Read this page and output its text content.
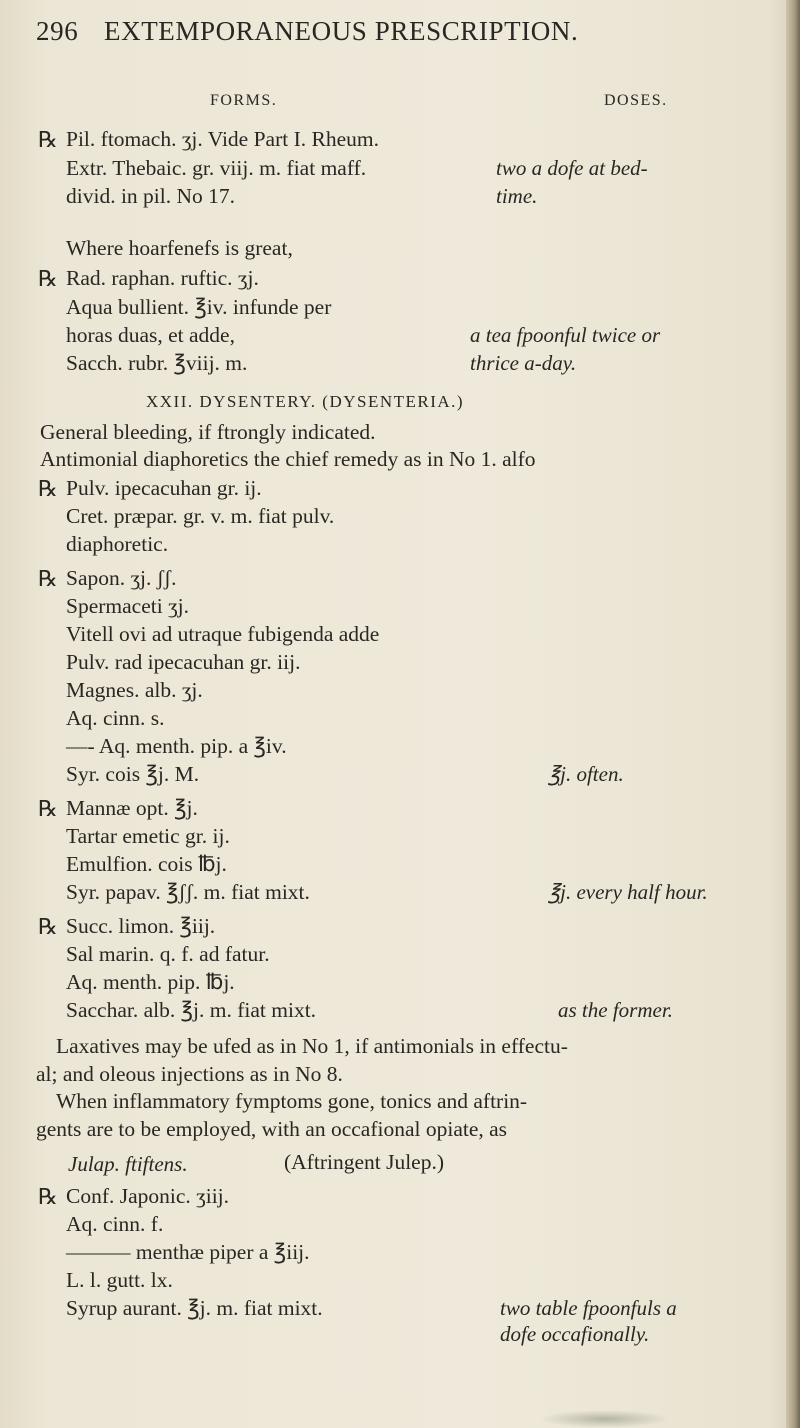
296 EXTEMPORANEOUS PRESCRIPTION.
FORMS.	DOSES.
℞ Pil. ftomach. ʒj. Vide Part I. Rheum.
Extr. Thebaic. gr. viij. m. fiat maff.	two a dofe at bed-
divid. in pil. No 17.	time.
Where hoarfenefs is great,
℞ Rad. raphan. ruftic. ʒj.
Aqua bullient. ℥iv. infunde per
horas duas, et adde,	a tea fpoonful twice or
Sacch. rubr. ℥viij. m.	thrice a-day.
XXII. DYSENTERY. (DYSENTERIA.)
General bleeding, if ftrongly indicated.
Antimonial diaphoretics the chief remedy as in No 1. alfo
℞ Pulv. ipecacuhan gr. ij.
Cret. præpar. gr. v. m. fiat pulv.
diaphoretic.
℞ Sapon. ʒj. ʃʃ.
Spermaceti ʒj.
Vitell ovi ad utraque fubigenda adde
Pulv. rad ipecacuhan gr. iij.
Magnes. alb. ʒj.
Aq. cinn. s.
—- Aq. menth. pip. a ℥iv.
Syr. cois ℥j. M.	℥j. often.
℞ Mannæ opt. ℥j.
Tartar emetic gr. ij.
Emulfion. cois ℔j.
Syr. papav. ℥ʃʃ. m. fiat mixt.	℥j. every half hour.
℞ Succ. limon. ℥iij.
Sal marin. q. f. ad fatur.
Aq. menth. pip. ℔j.
Sacchar. alb. ℥j. m. fiat mixt.	as the former.
Laxatives may be ufed as in No 1, if antimonials in effectu-
al; and oleous injections as in No 8.
When inflammatory fymptoms gone, tonics and aftrin-
gents are to be employed, with an occafional opiate, as
Julap. ftiftens.	(Aftringent Julep.)
℞ Conf. Japonic. ʒiij.
Aq. cinn. f.
——— menthæ piper a ℥iij.
L. l. gutt. lx.
Syrup aurant. ℥j. m. fiat mixt.	two table fpoonfuls a
dofe occafionally.
